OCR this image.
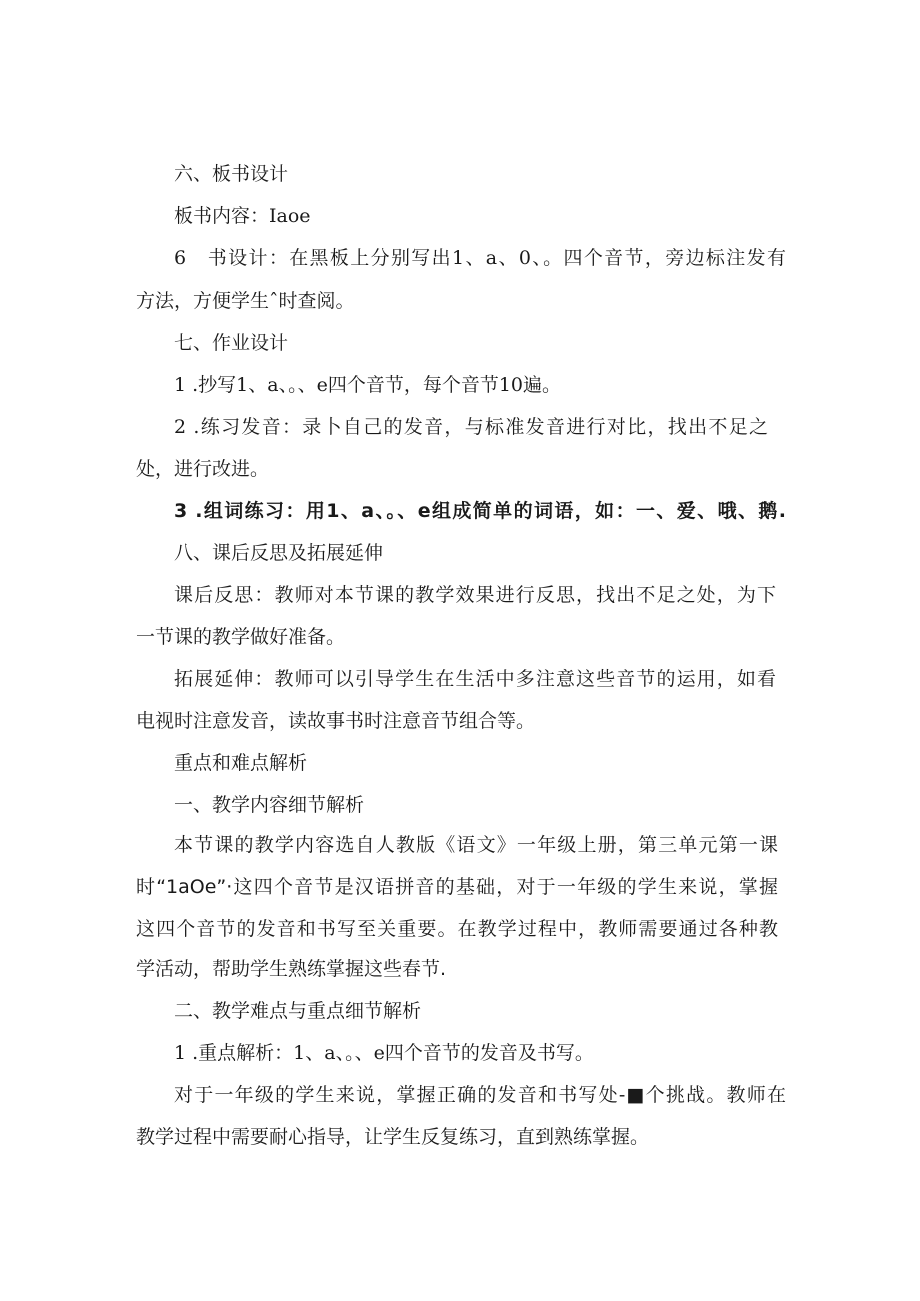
六、板书设计
板书内容：Iaoe
6　书设计：在黑板上分别写出1、a、0、。四个音节，旁边标注发有
方法，方便学生ˆ时查阅。
七、作业设计
1 .抄写1、a、。、e四个音节，每个音节10遍。
2 .练习发音：录卜自己的发音，与标准发音进行对比，找出不足之
处，进行改进。
3 .组词练习：用1、a、。、e组成简单的词语，如：一、爱、哦、鹅.
八、课后反思及拓展延伸
课后反思：教师对本节课的教学效果进行反思，找出不足之处，为下
一节课的教学做好准备。
拓展延伸：教师可以引导学生在生活中多注意这些音节的运用，如看
电视时注意发音，读故事书时注意音节组合等。
重点和难点解析
一、教学内容细节解析
本节课的教学内容选自人教版《语文》一年级上册，第三单元第一课
时“1aOe”·这四个音节是汉语拼音的基础，对于一年级的学生来说，掌握
这四个音节的发音和书写至关重要。在教学过程中，教师需要通过各种教
学活动，帮助学生熟练掌握这些春节.
二、教学难点与重点细节解析
1 .重点解析：1、a、。、e四个音节的发音及书写。
对于一年级的学生来说，掌握正确的发音和书写处-■个挑战。教师在
教学过程中需要耐心指导，让学生反复练习，直到熟练掌握。
